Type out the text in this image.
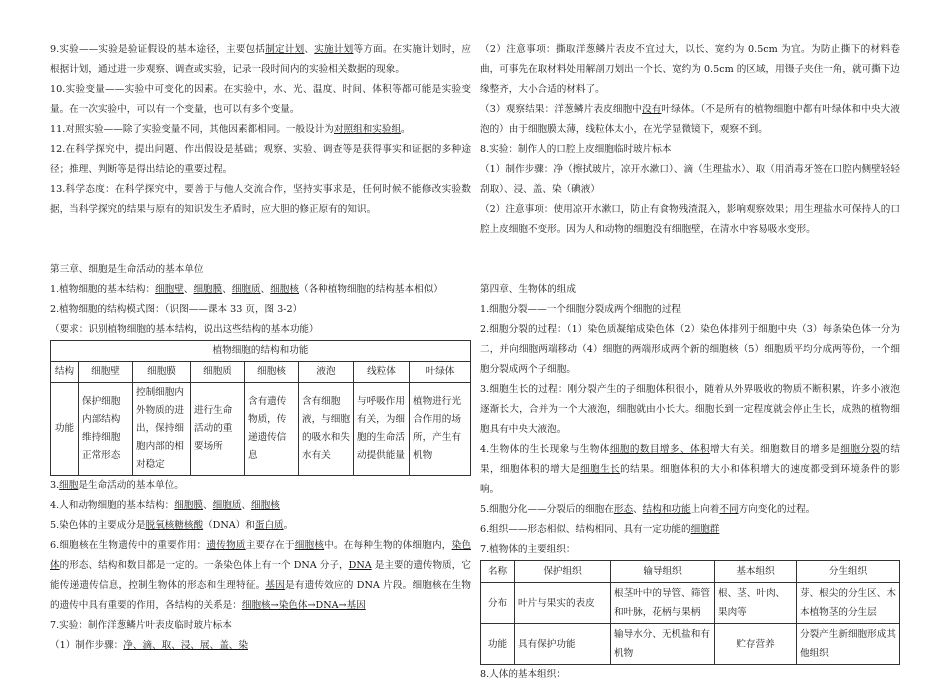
9.实验——实验是验证假设的基本途径，主要包括制定计划、实施计划等方面。在实施计划时，应根据计划，通过进一步观察、调查或实验，记录一段时间内的实验相关数据的现象。

10.实验变量——实验中可变化的因素。在实验中，水、光、温度、时间、体积等都可能是实验变量。在一次实验中，可以有一个变量，也可以有多个变量。

11.对照实验——除了实验变量不同，其他因素都相同。一般设计为对照组和实验组。

12.在科学探究中，提出问题、作出假设是基础；观察、实验、调查等是获得事实和证据的多种途径；推理、判断等是得出结论的重要过程。

13.科学态度：在科学探究中，要善于与他人交流合作，坚持实事求是，任何时候不能修改实验数据，当科学探究的结果与原有的知识发生矛盾时，应大胆的修正原有的知识。

第三章、细胞是生命活动的基本单位

1.植物细胞的基本结构：细胞壁、细胞膜、细胞质、细胞核（各种植物细胞的结构基本相似）

2.植物细胞的结构模式图：（识图——课本 33 页，图 3-2）

（要求：识别植物细胞的基本结构，说出这些结构的基本功能）

植物细胞的结构和功能							
结构	细胞壁	细胞膜	细胞质	细胞核	液泡	线粒体	叶绿体
功能	保护细胞内部结构维持细胞正常形态	控制细胞内外物质的进出，保持细胞内部的相对稳定	进行生命活动的重要场所	含有遗传物质，传递遗传信息	含有细胞液，与细胞的吸水和失水有关	与呼吸作用有关，为细胞的生命活动提供能量	植物进行光合作用的场所，产生有机物

3.细胞是生命活动的基本单位。

4.人和动物细胞的基本结构：细胞膜、细胞质、细胞核

5.染色体的主要成分是脱氧核糖核酸（DNA）和蛋白质。

6.细胞核在生物遗传中的重要作用：遗传物质主要存在于细胞核中。在每种生物的体细胞内，染色体的形态、结构和数目都是一定的。一条染色体上有一个 DNA 分子，DNA 是主要的遗传物质，它能传递遗传信息，控制生物体的形态和生理特征。基因是有遗传效应的 DNA 片段。细胞核在生物的遗传中具有重要的作用，各结构的关系是：细胞核→染色体→DNA→基因

7.实验：制作洋葱鳞片叶表皮临时玻片标本

（1）制作步骤：净、滴、取、浸、展、盖、染

（2）注意事项：撕取洋葱鳞片表皮不宜过大，以长、宽约为 0.5cm 为宜。为防止撕下的材料卷曲，可事先在取材料处用解剖刀划出一个长、宽约为 0.5cm 的区域，用镊子夹住一角，就可撕下边缘整齐，大小合适的材料了。

（3）观察结果：洋葱鳞片表皮细胞中没有叶绿体。（不是所有的植物细胞中都有叶绿体和中央大液泡的）由于细胞膜太薄，线粒体太小，在光学显微镜下，观察不到。

8.实验：制作人的口腔上皮细胞临时玻片标本

（1）制作步骤：净（擦拭玻片，凉开水漱口）、滴（生理盐水）、取（用消毒牙签在口腔内侧壁轻轻刮取）、浸、盖、染（碘液）

（2）注意事项：使用凉开水漱口，防止有食物残渣混入，影响观察效果；用生理盐水可保持人的口腔上皮细胞不变形。因为人和动物的细胞没有细胞壁，在清水中容易吸水变形。

第四章、生物体的组成

1.细胞分裂——一个细胞分裂成两个细胞的过程

2.细胞分裂的过程：（1）染色质凝缩成染色体（2）染色体排列于细胞中央（3）每条染色体一分为二，并向细胞两端移动（4）细胞的两端形成两个新的细胞核（5）细胞质平均分成两等份，一个细胞分裂成两个子细胞。

3.细胞生长的过程：刚分裂产生的子细胞体积很小，随着从外界吸收的物质不断积累，许多小液泡逐渐长大，合并为一个大液泡，细胞就由小长大。细胞长到一定程度就会停止生长，成熟的植物细胞具有中央大液泡。

4.生物体的生长现象与生物体细胞的数目增多、体积增大有关。细胞数目的增多是细胞分裂的结果，细胞体积的增大是细胞生长的结果。细胞体积的大小和体积增大的速度都受到环境条件的影响。

5.细胞分化——分裂后的细胞在形态、结构和功能上向着不同方向变化的过程。

6.组织——形态相似、结构相同、具有一定功能的细胞群

7.植物体的主要组织：

名称	保护组织	输导组织	基本组织	分生组织
分布	叶片与果实的表皮	根茎叶中的导管、筛管和叶脉，花柄与果柄	根、茎、叶肉、果肉等	芽、根尖的分生区、木本植物茎的分生层
功能	具有保护功能	输导水分、无机盐和有机物	贮存营养	分裂产生新细胞形成其他组织

8.人体的基本组织：
